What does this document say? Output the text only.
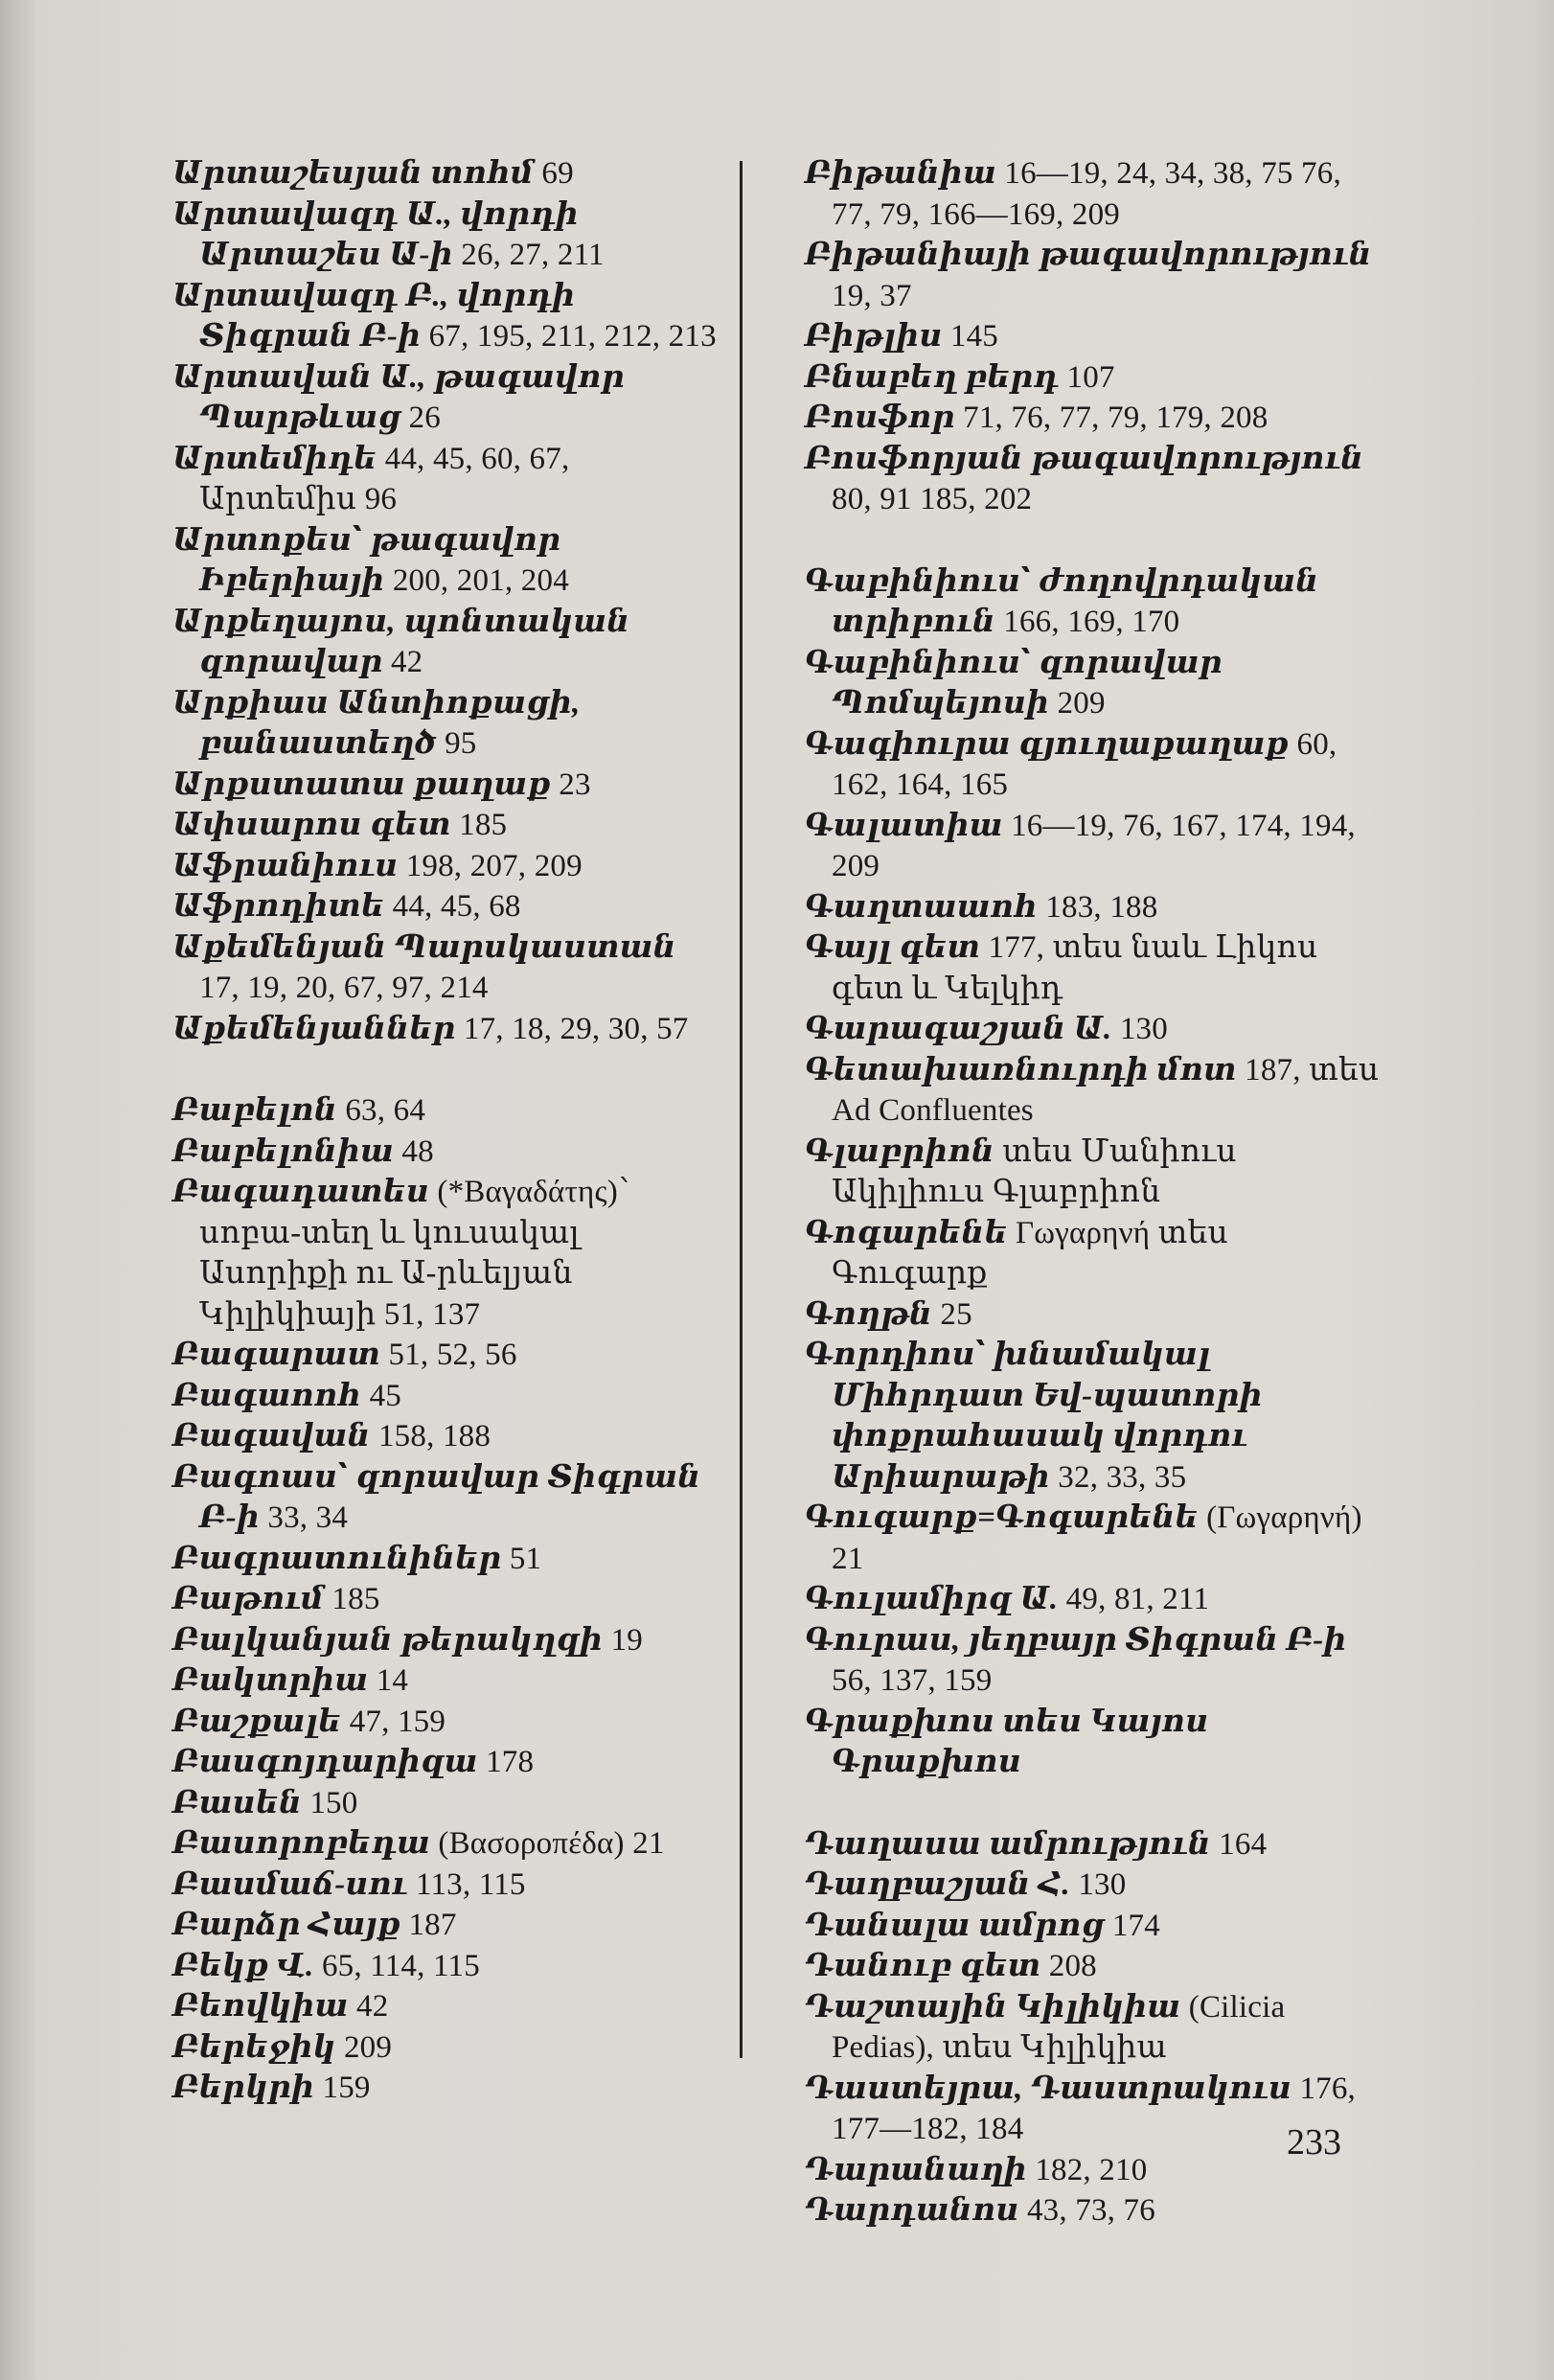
Արտաշեսյան տոհմ 69
Արտավազդ Ա., վորդի Արտաշես Ա-ի 26, 27, 211
Արտավազդ Բ., վորդի Տիգրան Բ-ի 67, 195, 211, 212, 213
Արտավան Ա., թագավոր Պարթևաց 26
Արտեմիդե 44, 45, 60, 67, Արտեմիս 96
Արտոքես՝ թագավոր Իբերիայի 200, 201, 204
Արքեղայոս, պոնտական զորավար 42
Արքիաս Անտիոքացի, բանաստեղծ 95
Արքստատա քաղաք 23
Ափսարոս գետ 185
Աֆրանիուս 198, 207, 209
Աֆրոդիտե 44, 45, 68
Աքեմենյան Պարսկաստան 17, 19, 20, 67, 97, 214
Աքեմենյաններ 17, 18, 29, 30, 57
Բաբելոն 63, 64
Բաբելոնիա 48
Բագադատես (*Βαγαδάτης)՝ սոբա-տեղ և կուսակալ Ասորիքի ու Ա-րևելյան Կիլիկիայի 51, 137
Բագարատ 51, 52, 56
Բագաոոհ 45
Բագավան 158, 188
Բագոաս՝ զորավար Տիգրան Բ-ի 33, 34
Բագրատունիներ 51
Բաթում 185
Բալկանյան թերակղզի 19
Բակտրիա 14
Բաշքալե 47, 159
Բասգոյդարիզա 178
Բասեն 150
Բասորոբեդա (Βασοροπέδα) 21
Բասմաճ-սու 113, 115
Բարձր Հայք 187
Բեկք Վ. 65, 114, 115
Բեովկիա 42
Բերեջիկ 209
Բերկրի 159
Բիթանիա 16—19, 24, 34, 38, 75 76, 77, 79, 166—169, 209
Բիթանիայի թագավորություն 19, 37
Բիթլիս 145
Բնաբեղ բերդ 107
Բոսֆոր 71, 76, 77, 79, 179, 208
Բոսֆորյան թագավորություն 80, 91 185, 202
Գաբինիուս՝ ժողովրդական տրիբուն 166, 169, 170
Գաբինիուս՝ զորավար Պոմպեյոսի 209
Գագիուրա գյուղաքաղաք 60, 162, 164, 165
Գալատիա 16—19, 76, 167, 174, 194, 209
Գաղտաաոհ 183, 188
Գայլ գետ 177, տես նաև Լիկոս գետ և Կելկիդ
Գարագաշյան Ա. 130
Գետախառնուրդի մոտ 187, տես Ad Confluentes
Գլաբրիոն տես Մանիուս Ակիլիուս Գլաբրիոն
Գոգարենե Γωγαρηνή տես Գուգարք
Գողթն 25
Գորդիոս՝ խնամակալ Միհրդատ Եվ-պատորի փոքրահասակ վորդու Արիարաթի 32, 33, 35
Գուգարք=Գոգարենե (Γωγαρηνή) 21
Գուլամիրզ Ա. 49, 81, 211
Գուրաս, յեղբայր Տիգրան Բ-ի 56, 137, 159
Գրաքխոս տես Կայոս Գրաքխոս
Դաղասա ամրություն 164
Դաղբաշյան Հ. 130
Դանալա ամրոց 174
Դանուբ գետ 208
Դաշտային Կիլիկիա (Cilicia Pedias), տես Կիլիկիա
Դաստեյրա, Դաստրակուս 176, 177—182, 184
Դարանաղի 182, 210
Դարդանոս 43, 73, 76
233
